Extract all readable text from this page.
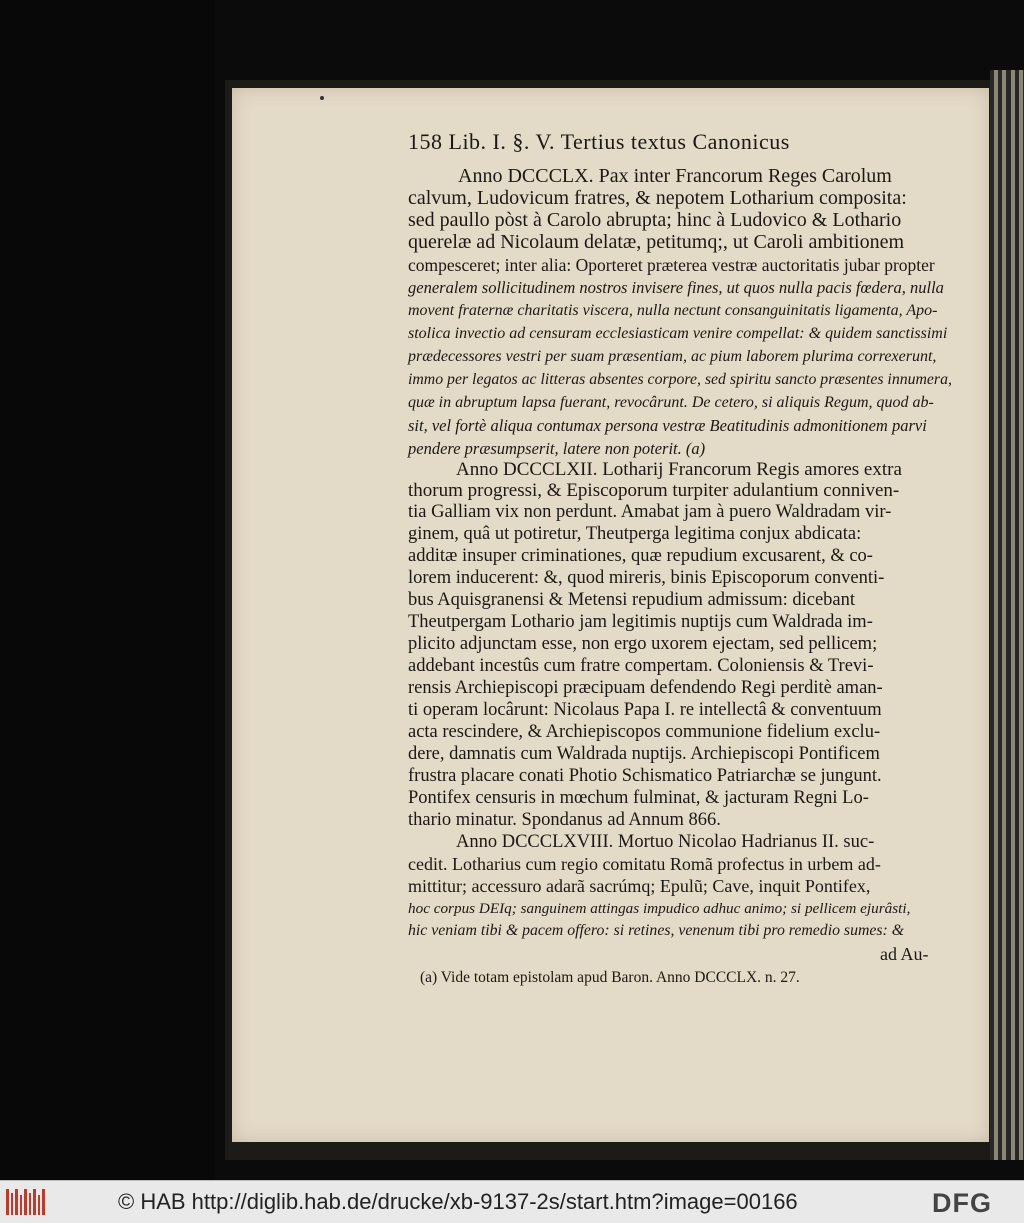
158 Lib. I. §. V. Tertius textus Canonicus
Anno DCCCLX. Pax inter Francorum Reges Carolum
calvum, Ludovicum fratres, & nepotem Lotharium composita:
sed paullo pòst à Carolo abrupta; hinc à Ludovico & Lothario
querelæ ad Nicolaum delatæ, petitumq;, ut Caroli ambitionem
compesceret; inter alia: Oporteret præterea vestræ auctoritatis jubar propter
generalem sollicitudinem nostros invisere fines, ut quos nulla pacis fœdera, nulla
movent fraternæ charitatis viscera, nulla nectunt consanguinitatis ligamenta, Apo-
stolica invectio ad censuram ecclesiasticam venire compellat: & quidem sanctissimi
prædecessores vestri per suam præsentiam, ac pium laborem plurima correxerunt,
immo per legatos ac litteras absentes corpore, sed spiritu sancto præsentes innumera,
quæ in abruptum lapsa fuerant, revocârunt. De cetero, si aliquis Regum, quod ab-
sit, vel fortè aliqua contumax persona vestræ Beatitudinis admonitionem parvi
pendere præsumpserit, latere non poterit. (a)
Anno DCCCLXII. Lotharij Francorum Regis amores extra
thorum progressi, & Episcoporum turpiter adulantium conniven-
tia Galliam vix non perdunt. Amabat jam à puero Waldradam vir-
ginem, quâ ut potiretur, Theutperga legitima conjux abdicata:
additæ insuper criminationes, quæ repudium excusarent, & co-
lorem inducerent: &, quod mireris, binis Episcoporum conventi-
bus Aquisgranensi & Metensi repudium admissum: dicebant
Theutpergam Lothario jam legitimis nuptijs cum Waldrada im-
plicito adjunctam esse, non ergo uxorem ejectam, sed pellicem;
addebant incestûs cum fratre compertam. Coloniensis & Trevi-
rensis Archiepiscopi præcipuam defendendo Regi perditè aman-
ti operam locârunt: Nicolaus Papa I. re intellectâ & conventuum
acta rescindere, & Archiepiscopos communione fidelium exclu-
dere, damnatis cum Waldrada nuptijs. Archiepiscopi Pontificem
frustra placare conati Photio Schismatico Patriarchæ se jungunt.
Pontifex censuris in mœchum fulminat, & jacturam Regni Lo-
thario minatur. Spondanus ad Annum 866.
Anno DCCCLXVIII. Mortuo Nicolao Hadrianus II. suc-
cedit. Lotharius cum regio comitatu Romã profectus in urbem ad-
mittitur; accessuro adarã sacrúmq; Epulũ; Cave, inquit Pontifex,
hoc corpus DEIq; sanguinem attingas impudico adhuc animo; si pellicem ejurâsti,
hic veniam tibi & pacem offero: si retines, venenum tibi pro remedio sumes: &
ad Au-
(a) Vide totam epistolam apud Baron. Anno DCCCLX. n. 27.
© HAB http://diglib.hab.de/drucke/xb-9137-2s/start.htm?image=00166	DFG
